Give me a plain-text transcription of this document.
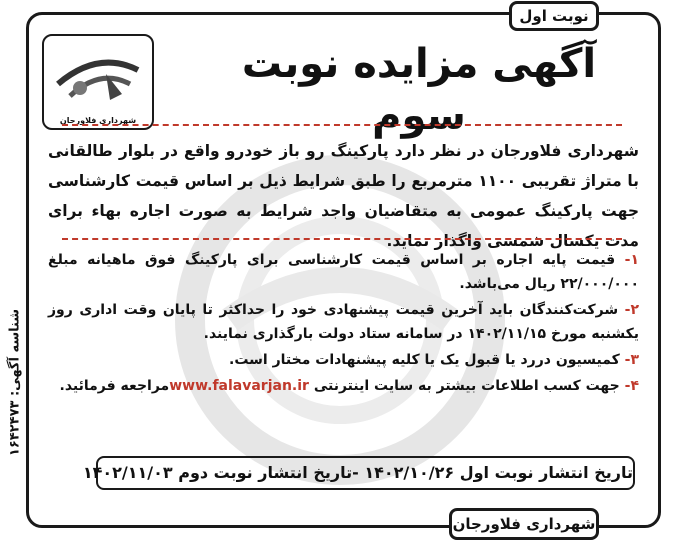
نوبت اول
شناسه آگهی: ۱۶۴۲۴۷۳
شهرداری فلاورجان
آگهی مزایده نوبت سوم
شهرداری فلاورجان در نظر دارد پارکینگ رو باز خودرو واقع در بلوار طالقانی با متراژ تقریبی ۱۱۰۰ مترمربع را طبق شرایط ذیل بر اساس قیمت کارشناسی جهت پارکینگ عمومی به متقاضیان واجد شرایط به صورت اجاره بهاء برای مدت یکسال شمسی واگذار نماید.
۱- قیمت پایه اجاره بر اساس قیمت کارشناسی برای پارکینگ فوق ماهیانه مبلغ ۲۲/۰۰۰/۰۰۰ ریال می‌باشد.
۲- شرکت‌کنندگان باید آخرین قیمت پیشنهادی خود را حداکثر تا پایان وقت اداری روز یکشنبه مورخ ۱۴۰۲/۱۱/۱۵ در سامانه ستاد دولت بارگذاری نمایند.
۳- کمیسیون دررد یا قبول یک یا کلیه پیشنهادات مختار است.
۴- جهت کسب اطلاعات بیشتر به سایت اینترنتی www.falavarjan.irمراجعه فرمائید.
تاریخ انتشار نوبت اول ۱۴۰۲/۱۰/۲۶ -تاریخ انتشار نوبت دوم ۱۴۰۲/۱۱/۰۳
شهرداری فلاورجان
